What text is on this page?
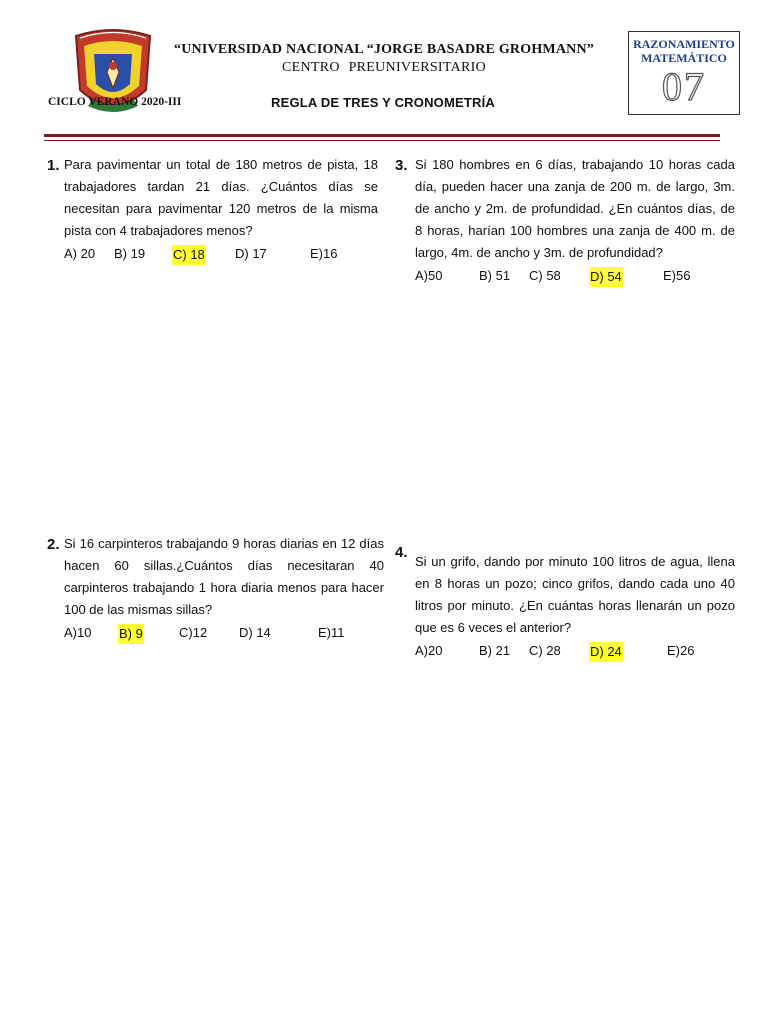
“UNIVERSIDAD NACIONAL “JORGE BASADRE GROHMANN”
CENTRO PREUNIVERSITARIO
CICLO VERANO 2020-III	REGLA DE TRES Y CRONOMETRÍA
RAZONAMIENTO
MATEMÁTICO
07
1. Para pavimentar un total de 180 metros de pista, 18 trabajadores tardan 21 días. ¿Cuántos días se necesitan para pavimentar 120 metros de la misma pista con 4 trabajadores menos?
A) 20 B) 19 C) 18 D) 17	E)16
3. Si 180 hombres en 6 días, trabajando 10 horas cada día, pueden hacer una zanja de 200 m. de largo, 3m. de ancho y 2m. de profundidad. ¿En cuántos días, de 8 horas, harían 100 hombres una zanja de 400 m. de largo, 4m. de ancho y 3m. de profundidad?
A)50	B) 51 C) 58 D) 54	E)56
2. Si 16 carpinteros trabajando 9 horas diarias en 12 días hacen 60 sillas.¿Cuántos días necesitaran 40 carpinteros trabajando 1 hora diaria menos para hacer 100 de las mismas sillas?
A)10 B) 9	C)12 D) 14	E)11
4.
Si un grifo, dando por minuto 100 litros de agua, llena en 8 horas un pozo; cinco grifos, dando cada uno 40 litros por minuto. ¿En cuántas horas llenarán un pozo que es 6 veces el anterior?
A)20	B) 21 C) 28 D) 24	E)26
